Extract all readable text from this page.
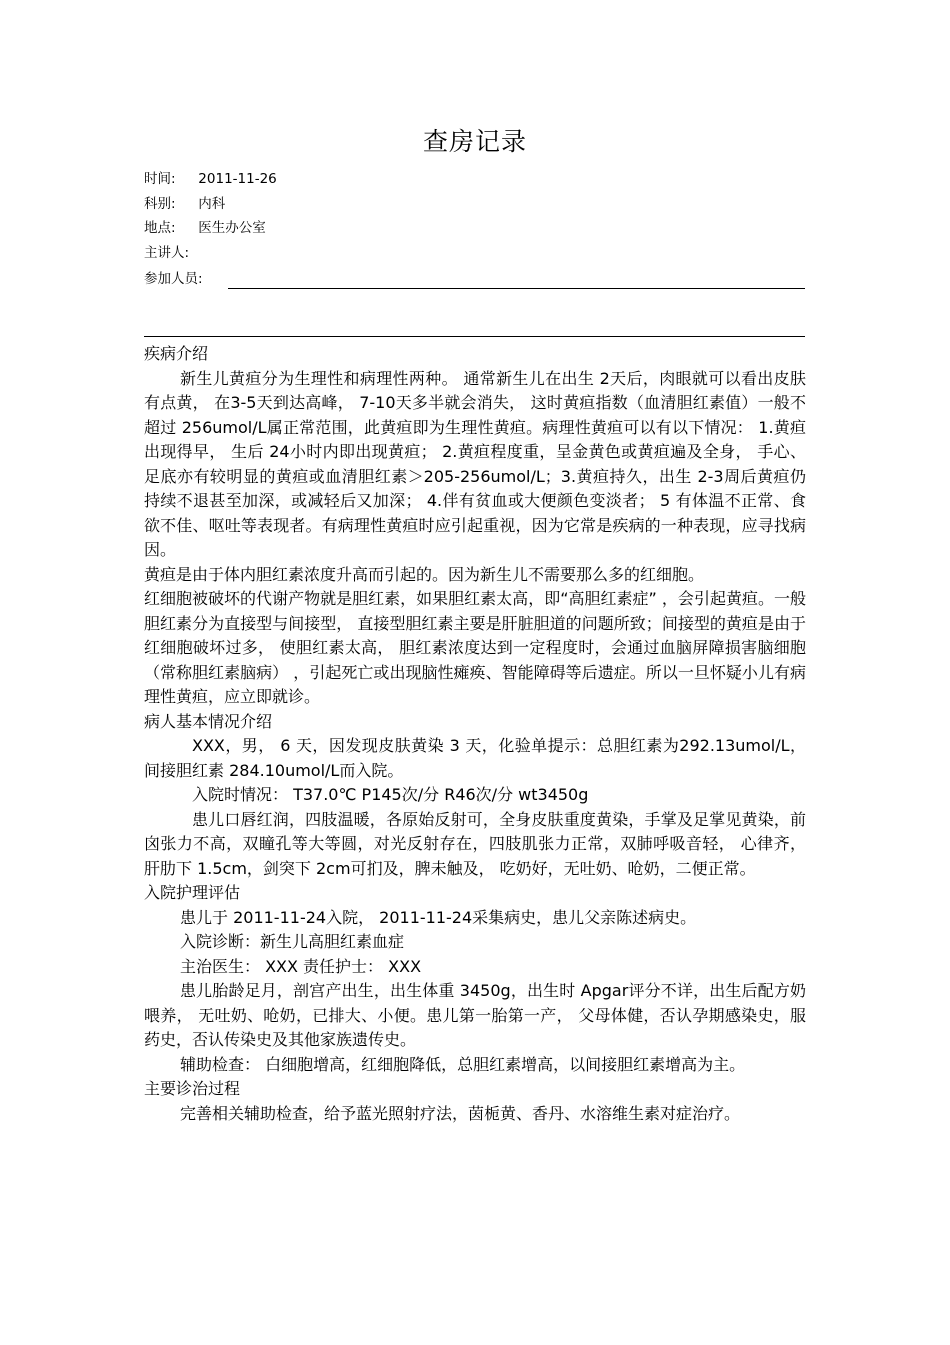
查房记录
时间: 2011-11-26
科别: 内科
地点: 医生办公室
主讲人:
参加人员:

疾病介绍

新生儿黄疸分为生理性和病理性两种。 通常新生儿在出生 2天后，肉眼就可以看出皮肤有点黄， 在3-5天到达高峰， 7-10天多半就会消失， 这时黄疸指数（血清胆红素值）一般不超过 256umol/L属正常范围，此黄疸即为生理性黄疸。病理性黄疸可以有以下情况： 1.黄疸出现得早， 生后 24小时内即出现黄疸； 2.黄疸程度重，呈金黄色或黄疸遍及全身， 手心、足底亦有较明显的黄疸或血清胆红素＞205-256umol/L；3.黄疸持久，出生 2-3周后黄疸仍持续不退甚至加深，或减轻后又加深； 4.伴有贫血或大便颜色变淡者； 5 有体温不正常、食欲不佳、呕吐等表现者。有病理性黄疸时应引起重视，因为它常是疾病的一种表现，应寻找病因。

黄疸是由于体内胆红素浓度升高而引起的。因为新生儿不需要那么多的红细胞。

红细胞被破坏的代谢产物就是胆红素，如果胆红素太高，即“高胆红素症” ，会引起黄疸。一般胆红素分为直接型与间接型， 直接型胆红素主要是肝脏胆道的问题所致；间接型的黄疸是由于红细胞破坏过多， 使胆红素太高， 胆红素浓度达到一定程度时，会通过血脑屏障损害脑细胞（常称胆红素脑病） ，引起死亡或出现脑性瘫痪、智能障碍等后遗症。所以一旦怀疑小儿有病理性黄疸，应立即就诊。

病人基本情况介绍

XXX，男， 6 天，因发现皮肤黄染 3 天，化验单提示：总胆红素为292.13umol/L，间接胆红素 284.10umol/L而入院。

入院时情况： T37.0℃ P145次/分 R46次/分 wt3450g

患儿口唇红润，四肢温暖，各原始反射可，全身皮肤重度黄染，手掌及足掌见黄染，前囟张力不高，双瞳孔等大等圆，对光反射存在，四肢肌张力正常，双肺呼吸音轻， 心律齐， 肝肋下 1.5cm，剑突下 2cm可扪及，脾未触及， 吃奶好，无吐奶、呛奶，二便正常。

入院护理评估

患儿于 2011-11-24入院， 2011-11-24采集病史，患儿父亲陈述病史。

入院诊断：新生儿高胆红素血症

主治医生： XXX 责任护士： XXX

患儿胎龄足月，剖宫产出生，出生体重 3450g，出生时 Apgar评分不详，出生后配方奶喂养， 无吐奶、呛奶，已排大、小便。患儿第一胎第一产， 父母体健，否认孕期感染史，服药史，否认传染史及其他家族遗传史。

辅助检查： 白细胞增高，红细胞降低，总胆红素增高，以间接胆红素增高为主。

主要诊治过程

完善相关辅助检查，给予蓝光照射疗法，茵栀黄、香丹、水溶维生素对症治疗。
